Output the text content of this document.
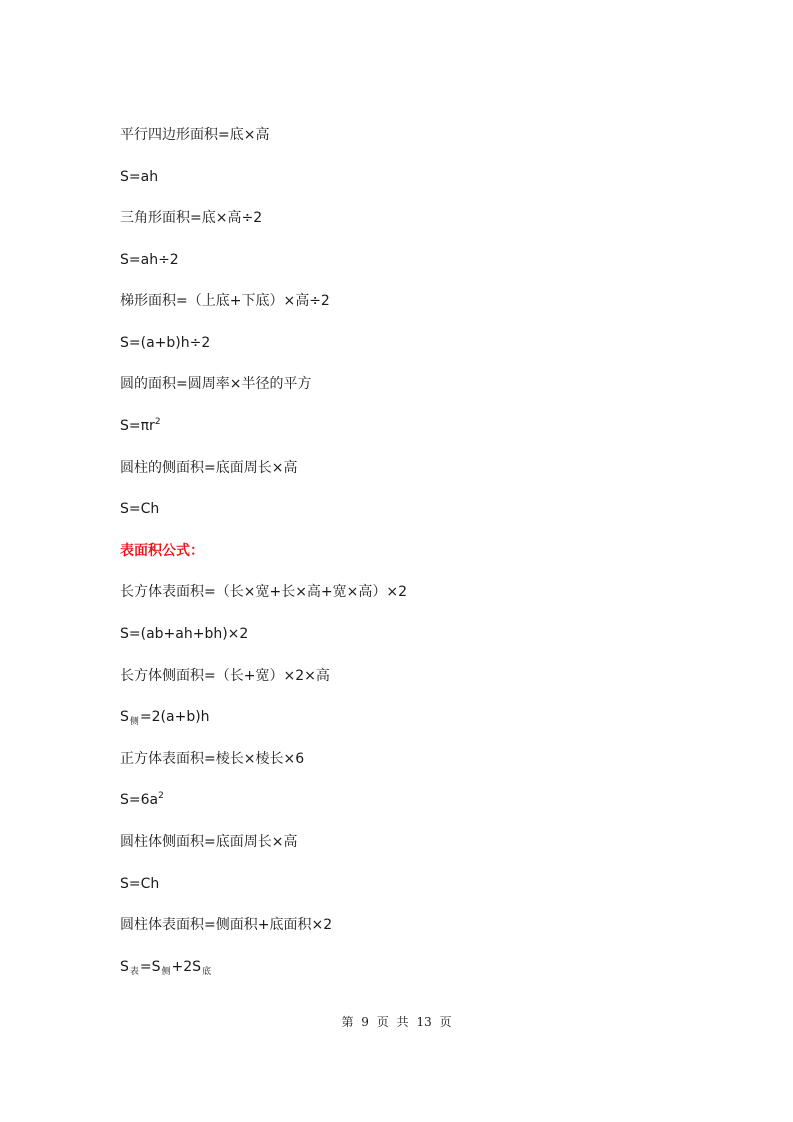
平行四边形面积=底×高
S=ah
三角形面积=底×高÷2
S=ah÷2
梯形面积=（上底+下底）×高÷2
S=(a+b)h÷2
圆的面积=圆周率×半径的平方
$S=\pi r^2$
圆柱的侧面积=底面周长×高
S=Ch
表面积公式：
长方体表面积=（长×宽+长×高+宽×高）×2
S=(ab+ah+bh)×2
长方体侧面积=（长+宽）×2×高
$S_侧=2(a+b)h$
正方体表面积=棱长×棱长×6
$S=6a^2$
圆柱体侧面积=底面周长×高
S=Ch
圆柱体表面积=侧面积+底面积×2
$S_表=S_侧+2S_底$
第 9 页 共 13 页
